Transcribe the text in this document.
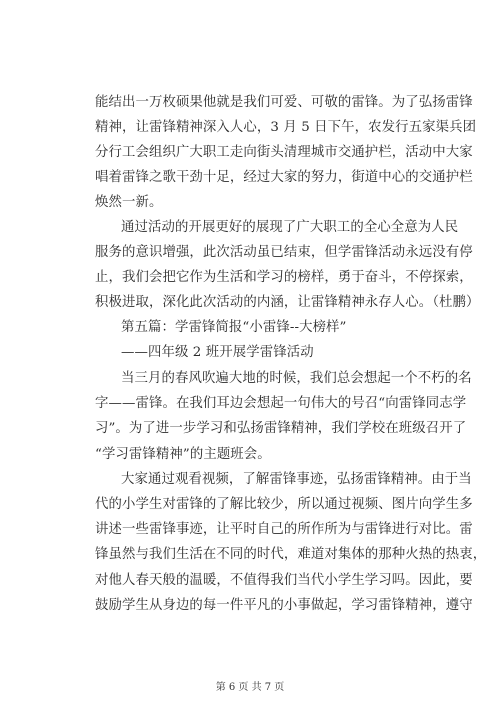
能结出一万枚硕果他就是我们可爱、可敬的雷锋。为了弘扬雷锋
精神，让雷锋精神深入人心，3 月 5 日下午，农发行五家渠兵团
分行工会组织广大职工走向街头清理城市交通护栏，活动中大家
唱着雷锋之歌干劲十足，经过大家的努力，街道中心的交通护栏
焕然一新。
通过活动的开展更好的展现了广大职工的全心全意为人民
服务的意识增强，此次活动虽已结束，但学雷锋活动永远没有停
止，我们会把它作为生活和学习的榜样，勇于奋斗，不停探索，
积极进取，深化此次活动的内涵，让雷锋精神永存人心。（杜鹏）
第五篇：学雷锋简报“小雷锋--大榜样”
——四年级 2 班开展学雷锋活动
当三月的春风吹遍大地的时候，我们总会想起一个不朽的名
字——雷锋。在我们耳边会想起一句伟大的号召“向雷锋同志学
习”。为了进一步学习和弘扬雷锋精神，我们学校在班级召开了
“学习雷锋精神”的主题班会。
大家通过观看视频，了解雷锋事迹，弘扬雷锋精神。由于当
代的小学生对雷锋的了解比较少，所以通过视频、图片向学生多
讲述一些雷锋事迹，让平时自己的所作所为与雷锋进行对比。雷
锋虽然与我们生活在不同的时代，难道对集体的那种火热的热衷，
对他人春天般的温暖，不值得我们当代小学生学习吗。因此，要
鼓励学生从身边的每一件平凡的小事做起，学习雷锋精神，遵守
第 6 页 共 7 页
